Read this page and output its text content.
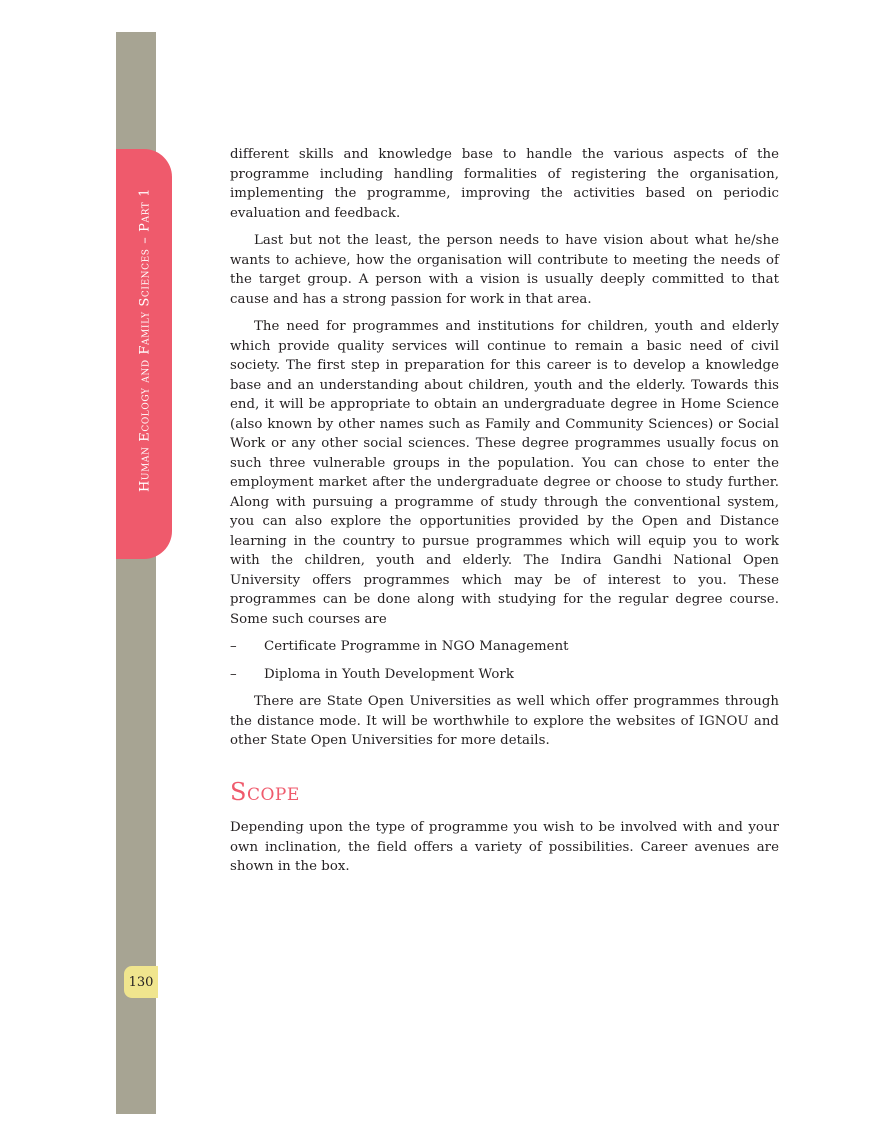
Human Ecology and Family Sciences – Part 1
130

different skills and knowledge base to handle the various aspects of the programme including handling formalities of registering the organisation, implementing the programme, improving the activities based on periodic evaluation and feedback.

Last but not the least, the person needs to have vision about what he/she wants to achieve, how the organisation will contribute to meeting the needs of the target group. A person with a vision is usually deeply committed to that cause and has a strong passion for work in that area.

The need for programmes and institutions for children, youth and elderly which provide quality services will continue to remain a basic need of civil society. The first step in preparation for this career is to develop a knowledge base and an understanding about children, youth and the elderly. Towards this end, it will be appropriate to obtain an undergraduate degree in Home Science (also known by other names such as Family and Community Sciences) or Social Work or any other social sciences. These degree programmes usually focus on such three vulnerable groups in the population. You can chose to enter the employment market after the undergraduate degree or choose to study further. Along with pursuing a programme of study through the conventional system, you can also explore the opportunities provided by the Open and Distance learning in the country to pursue programmes which will equip you to work with the children, youth and elderly. The Indira Gandhi National Open University offers programmes which may be of interest to you. These programmes can be done along with studying for the regular degree course. Some such courses are

–	Certificate Programme in NGO Management
–	Diploma in Youth Development Work

There are State Open Universities as well which offer programmes through the distance mode. It will be worthwhile to explore the websites of IGNOU and other State Open Universities for more details.

Scope

Depending upon the type of programme you wish to be involved with and your own inclination, the field offers a variety of possibilities. Career avenues are shown in the box.
